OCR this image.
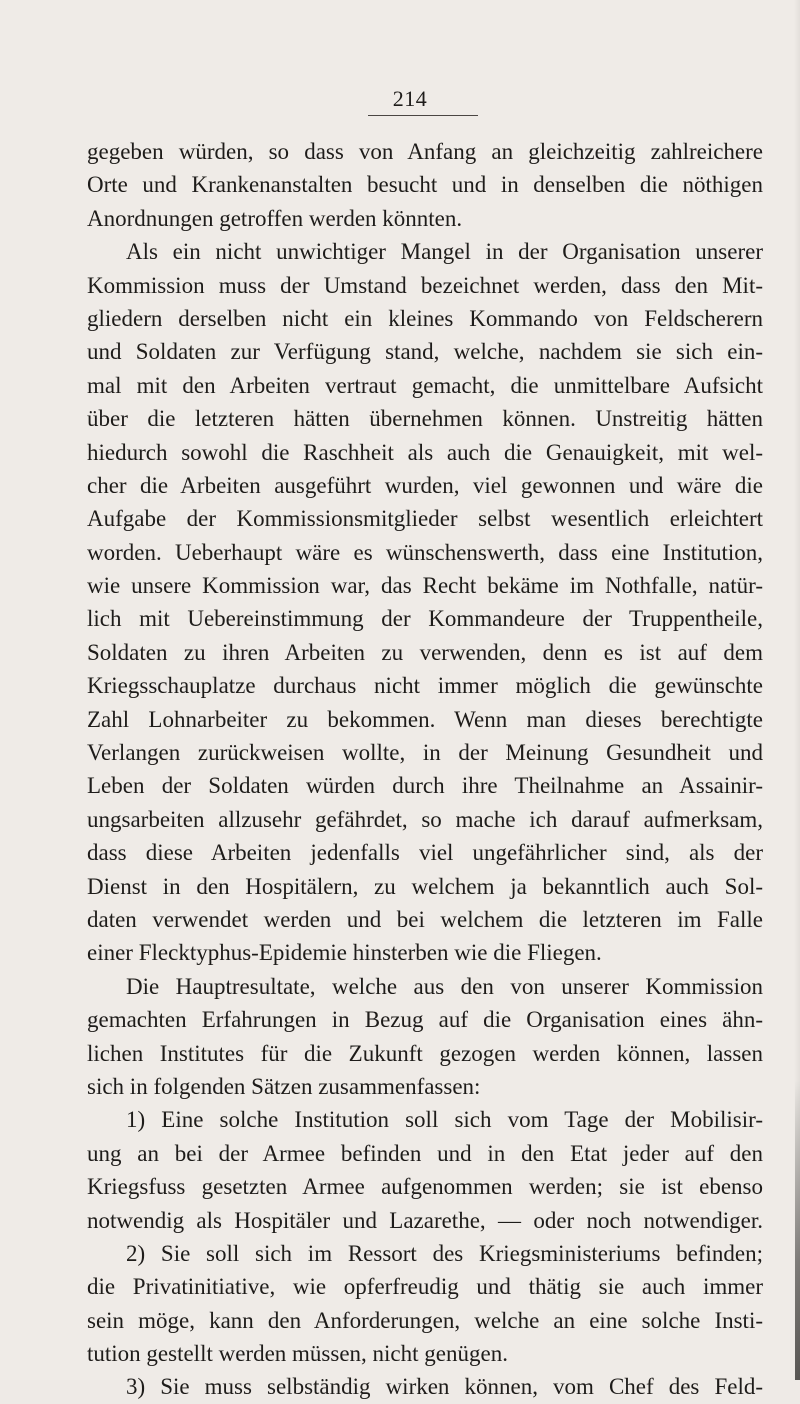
214
gegeben würden, so dass von Anfang an gleichzeitig zahlreichere
Orte und Krankenanstalten besucht und in denselben die nöthigen
Anordnungen getroffen werden könnten.
Als ein nicht unwichtiger Mangel in der Organisation unserer
Kommission muss der Umstand bezeichnet werden, dass den Mit-
gliedern derselben nicht ein kleines Kommando von Feldscherern
und Soldaten zur Verfügung stand, welche, nachdem sie sich ein-
mal mit den Arbeiten vertraut gemacht, die unmittelbare Aufsicht
über die letzteren hätten übernehmen können. Unstreitig hätten
hiedurch sowohl die Raschheit als auch die Genauigkeit, mit wel-
cher die Arbeiten ausgeführt wurden, viel gewonnen und wäre die
Aufgabe der Kommissionsmitglieder selbst wesentlich erleichtert
worden. Ueberhaupt wäre es wünschenswerth, dass eine Institution,
wie unsere Kommission war, das Recht bekäme im Nothfalle, natür-
lich mit Uebereinstimmung der Kommandeure der Truppentheile,
Soldaten zu ihren Arbeiten zu verwenden, denn es ist auf dem
Kriegsschauplatze durchaus nicht immer möglich die gewünschte
Zahl Lohnarbeiter zu bekommen. Wenn man dieses berechtigte
Verlangen zurückweisen wollte, in der Meinung Gesundheit und
Leben der Soldaten würden durch ihre Theilnahme an Assainir-
ungsarbeiten allzusehr gefährdet, so mache ich darauf aufmerksam,
dass diese Arbeiten jedenfalls viel ungefährlicher sind, als der
Dienst in den Hospitälern, zu welchem ja bekanntlich auch Sol-
daten verwendet werden und bei welchem die letzteren im Falle
einer Flecktyphus-Epidemie hinsterben wie die Fliegen.
Die Hauptresultate, welche aus den von unserer Kommission
gemachten Erfahrungen in Bezug auf die Organisation eines ähn-
lichen Institutes für die Zukunft gezogen werden können, lassen
sich in folgenden Sätzen zusammenfassen:
1) Eine solche Institution soll sich vom Tage der Mobilisir-
ung an bei der Armee befinden und in den Etat jeder auf den
Kriegsfuss gesetzten Armee aufgenommen werden; sie ist ebenso
notwendig als Hospitäler und Lazarethe, — oder noch notwendiger.
2) Sie soll sich im Ressort des Kriegsministeriums befinden;
die Privatinitiative, wie opferfreudig und thätig sie auch immer
sein möge, kann den Anforderungen, welche an eine solche Insti-
tution gestellt werden müssen, nicht genügen.
3) Sie muss selbständig wirken können, vom Chef des Feld-
